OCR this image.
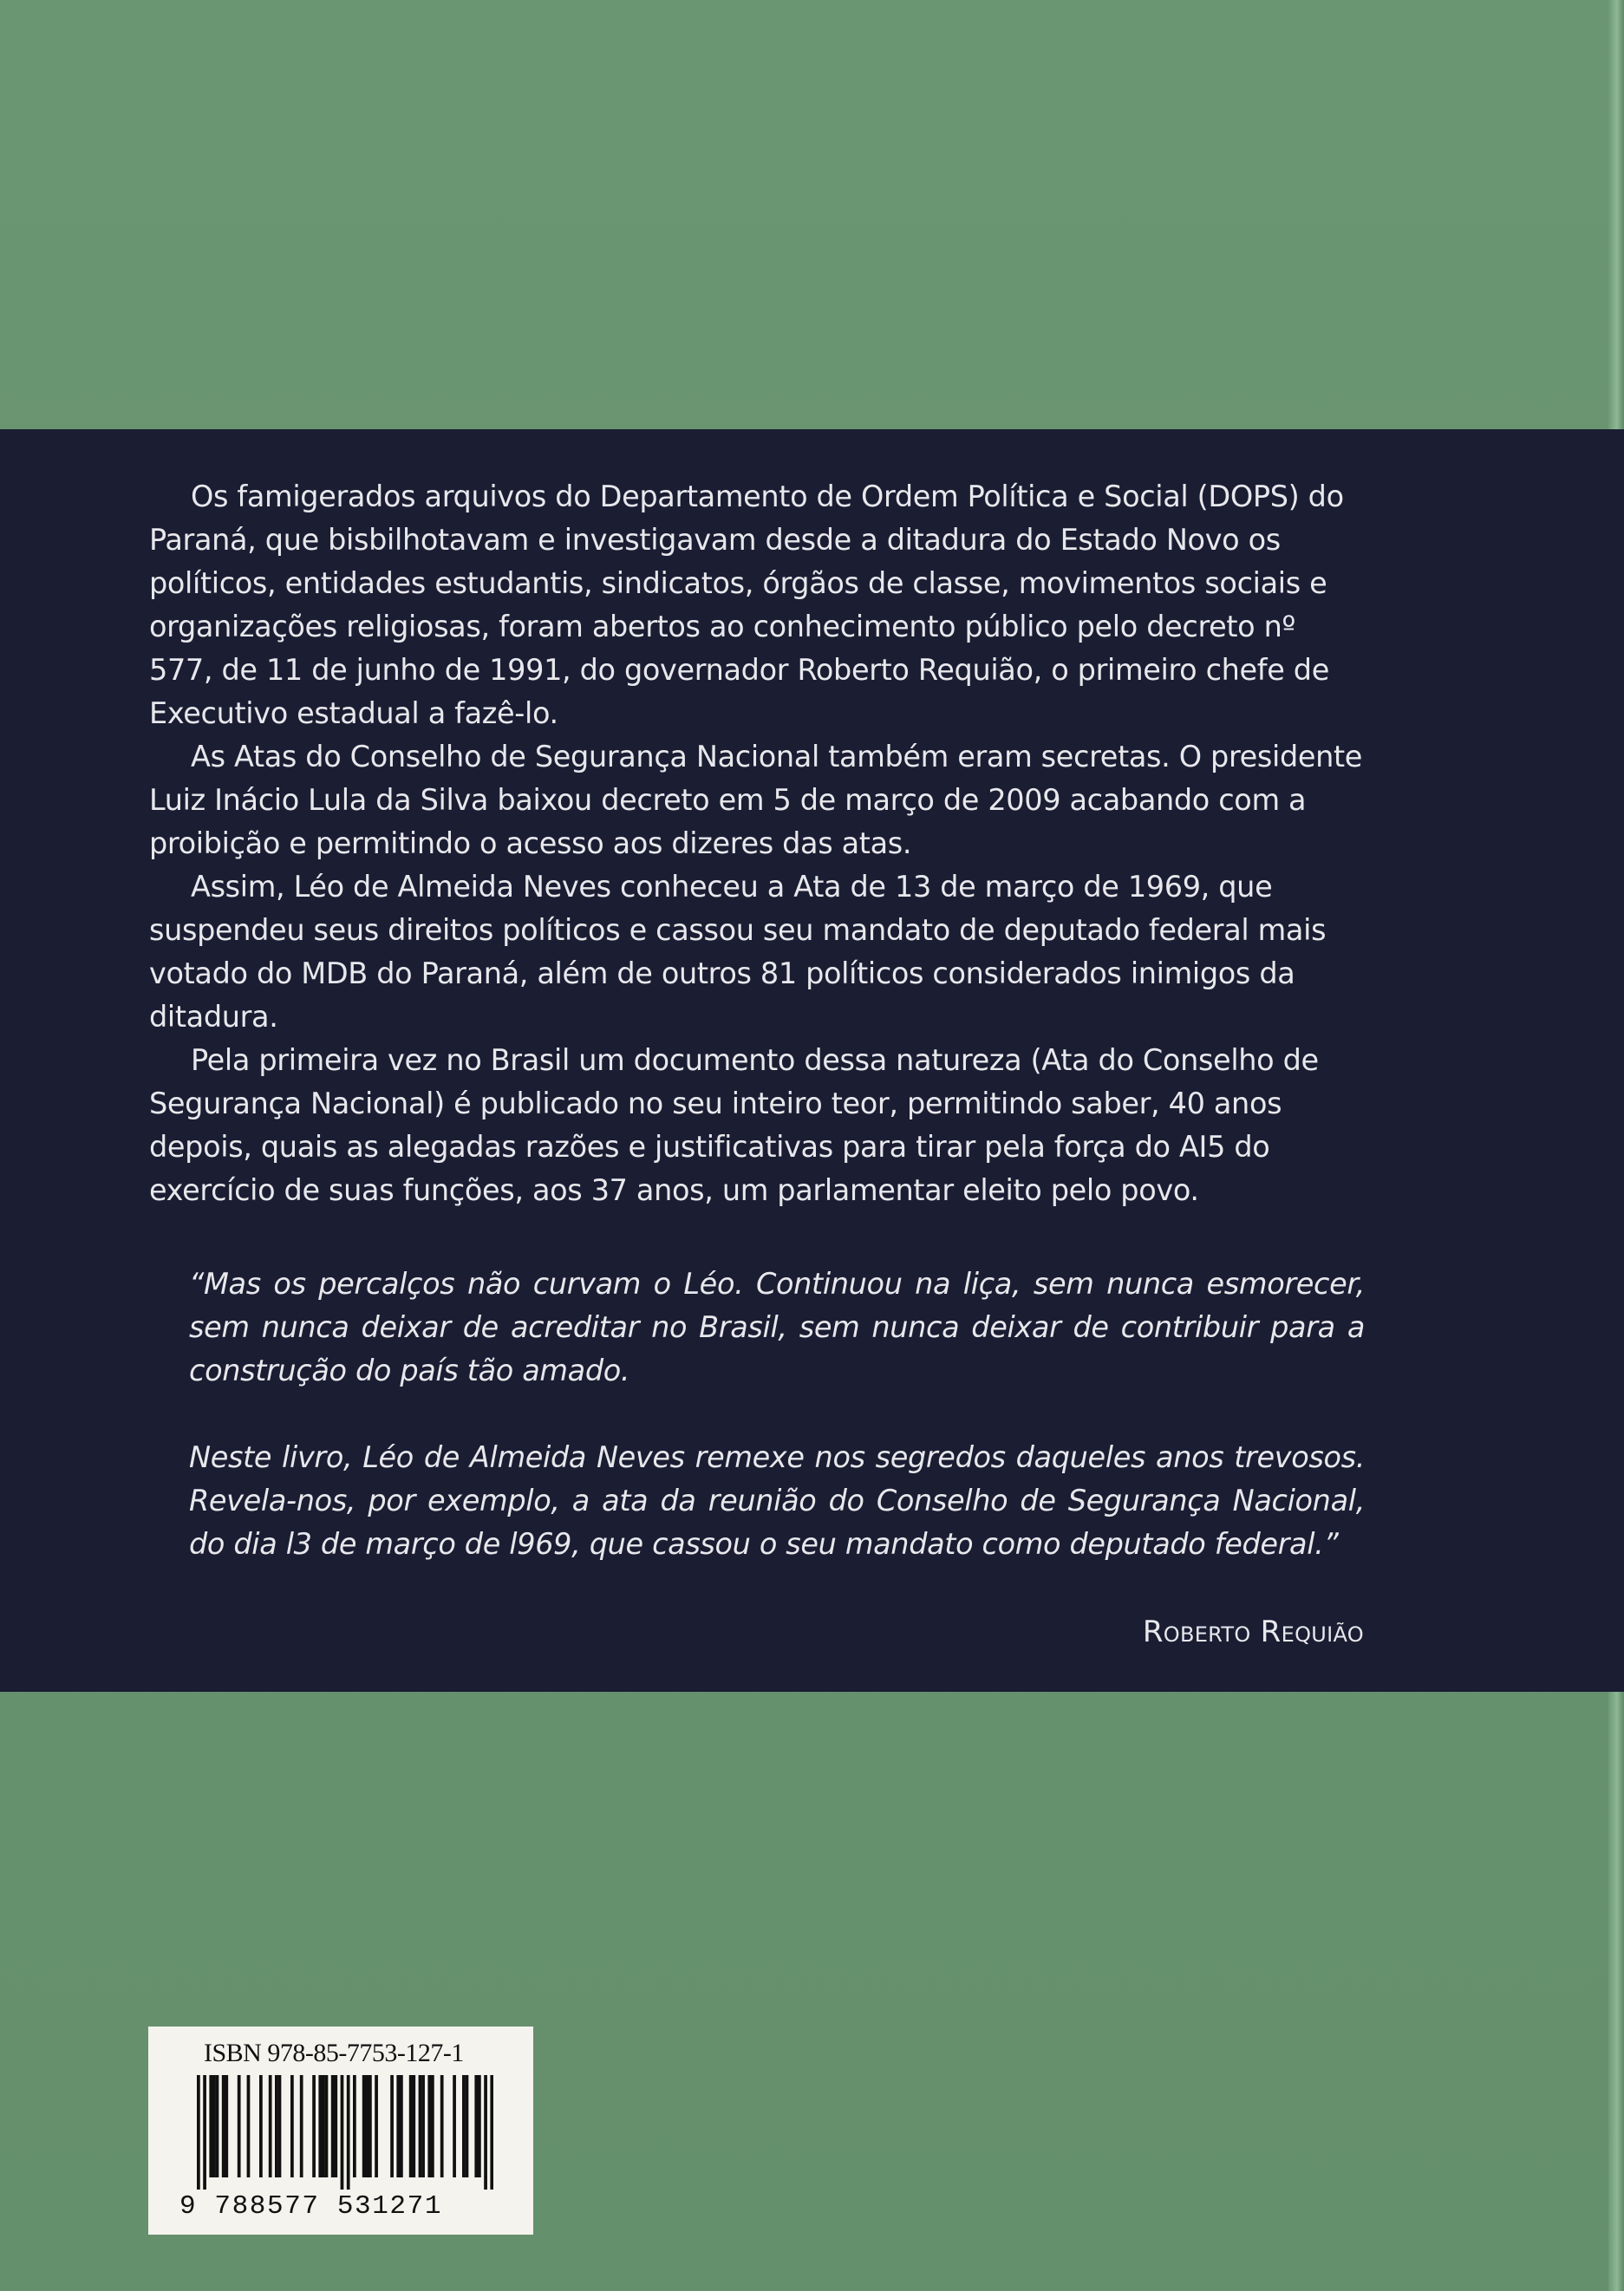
Os famigerados arquivos do Departamento de Ordem Política e Social (DOPS) do Paraná, que bisbilhotavam e investigavam desde a ditadura do Estado Novo os políticos, entidades estudantis, sindicatos, órgãos de classe, movimentos sociais e organizações religiosas, foram abertos ao conhecimento público pelo decreto nº 577, de 11 de junho de 1991, do governador Roberto Requião, o primeiro chefe de Executivo estadual a fazê-lo.

As Atas do Conselho de Segurança Nacional também eram secretas. O presidente Luiz Inácio Lula da Silva baixou decreto em 5 de março de 2009 acabando com a proibição e permitindo o acesso aos dizeres das atas.

Assim, Léo de Almeida Neves conheceu a Ata de 13 de março de 1969, que suspendeu seus direitos políticos e cassou seu mandato de deputado federal mais votado do MDB do Paraná, além de outros 81 políticos considerados inimigos da ditadura.

Pela primeira vez no Brasil um documento dessa natureza (Ata do Conselho de Segurança Nacional) é publicado no seu inteiro teor, permitindo saber, 40 anos depois, quais as alegadas razões e justificativas para tirar pela força do AI5 do exercício de suas funções, aos 37 anos, um parlamentar eleito pelo povo.

“Mas os percalços não curvam o Léo. Continuou na liça, sem nunca esmorecer, sem nunca deixar de acreditar no Brasil, sem nunca deixar de contribuir para a construção do país tão amado.

Neste livro, Léo de Almeida Neves remexe nos segredos daqueles anos trevosos. Revela-nos, por exemplo, a ata da reunião do Conselho de Segurança Nacional, do dia l3 de março de l969, que cassou o seu mandato como deputado federal.”

Roberto Requião
ISBN 978-85-7753-127-1
9 788577 531271
